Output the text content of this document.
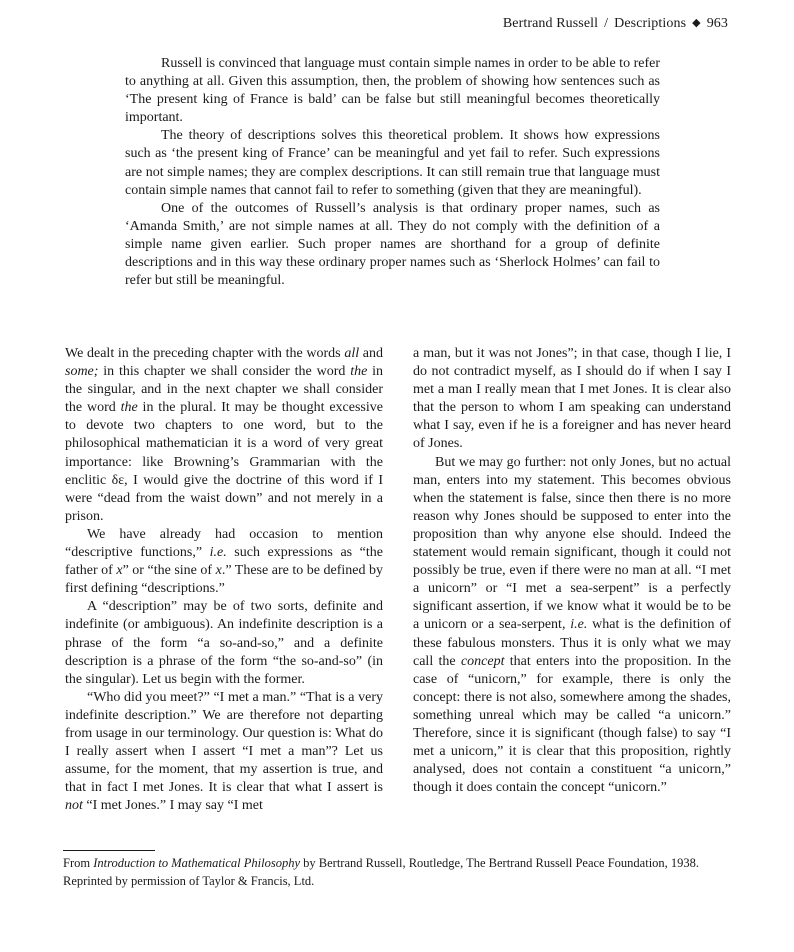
Bertrand Russell / Descriptions ◆ 963

Russell is convinced that language must contain simple names in order to be able to refer to anything at all. Given this assumption, then, the problem of showing how sentences such as ‘The present king of France is bald’ can be false but still meaningful becomes theoretically important.

The theory of descriptions solves this theoretical problem. It shows how expressions such as ‘the present king of France’ can be meaningful and yet fail to refer. Such expressions are not simple names; they are complex descriptions. It can still remain true that language must contain simple names that cannot fail to refer to something (given that they are meaningful).

One of the outcomes of Russell’s analysis is that ordinary proper names, such as ‘Amanda Smith,’ are not simple names at all. They do not comply with the definition of a simple name given earlier. Such proper names are shorthand for a group of definite descriptions and in this way these ordinary proper names such as ‘Sherlock Holmes’ can fail to refer but still be meaningful.

We dealt in the preceding chapter with the words all and some; in this chapter we shall consider the word the in the singular, and in the next chapter we shall consider the word the in the plural. It may be thought excessive to devote two chapters to one word, but to the philosophical mathematician it is a word of very great importance: like Browning’s Grammarian with the enclitic δε, I would give the doctrine of this word if I were “dead from the waist down” and not merely in a prison.

We have already had occasion to mention “descriptive functions,” i.e. such expressions as “the father of x” or “the sine of x.” These are to be defined by first defining “descriptions.”

A “description” may be of two sorts, definite and indefinite (or ambiguous). An indefinite description is a phrase of the form “a so-and-so,” and a definite description is a phrase of the form “the so-and-so” (in the singular). Let us begin with the former.

“Who did you meet?” “I met a man.” “That is a very indefinite description.” We are therefore not departing from usage in our terminology. Our question is: What do I really assert when I assert “I met a man”? Let us assume, for the moment, that my assertion is true, and that in fact I met Jones. It is clear that what I assert is not “I met Jones.” I may say “I met

a man, but it was not Jones”; in that case, though I lie, I do not contradict myself, as I should do if when I say I met a man I really mean that I met Jones. It is clear also that the person to whom I am speaking can understand what I say, even if he is a foreigner and has never heard of Jones.

But we may go further: not only Jones, but no actual man, enters into my statement. This becomes obvious when the statement is false, since then there is no more reason why Jones should be supposed to enter into the proposition than why anyone else should. Indeed the statement would remain significant, though it could not possibly be true, even if there were no man at all. “I met a unicorn” or “I met a sea-serpent” is a perfectly significant assertion, if we know what it would be to be a unicorn or a sea-serpent, i.e. what is the definition of these fabulous monsters. Thus it is only what we may call the concept that enters into the proposition. In the case of “unicorn,” for example, there is only the concept: there is not also, somewhere among the shades, something unreal which may be called “a unicorn.” Therefore, since it is significant (though false) to say “I met a unicorn,” it is clear that this proposition, rightly analysed, does not contain a constituent “a unicorn,” though it does contain the concept “unicorn.”

From Introduction to Mathematical Philosophy by Bertrand Russell, Routledge, The Bertrand Russell Peace Foundation, 1938.

Reprinted by permission of Taylor & Francis, Ltd.
